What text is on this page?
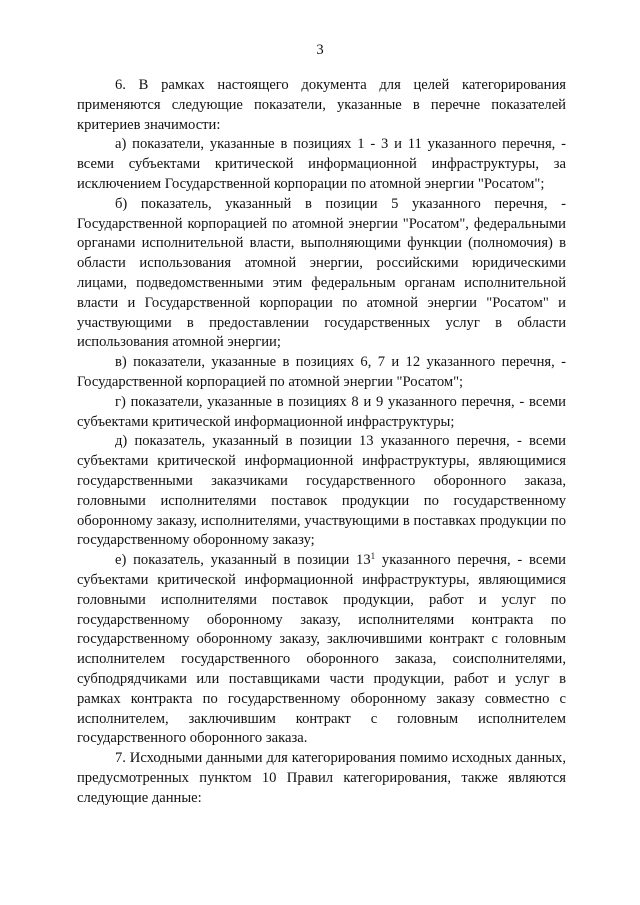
3

6. В рамках настоящего документа для целей категорирования применяются следующие показатели, указанные в перечне показателей критериев значимости:

а) показатели, указанные в позициях 1 - 3 и 11 указанного перечня, - всеми субъектами критической информационной инфраструктуры, за исключением Государственной корпорации по атомной энергии "Росатом";

б) показатель, указанный в позиции 5 указанного перечня, - Государственной корпорацией по атомной энергии "Росатом", федеральными органами исполнительной власти, выполняющими функции (полномочия) в области использования атомной энергии, российскими юридическими лицами, подведомственными этим федеральным органам исполнительной власти и Государственной корпорации по атомной энергии "Росатом" и участвующими в предоставлении государственных услуг в области использования атомной энергии;

в) показатели, указанные в позициях 6, 7 и 12 указанного перечня, - Государственной корпорацией по атомной энергии "Росатом";

г) показатели, указанные в позициях 8 и 9 указанного перечня, - всеми субъектами критической информационной инфраструктуры;

д) показатель, указанный в позиции 13 указанного перечня, - всеми субъектами критической информационной инфраструктуры, являющимися государственными заказчиками государственного оборонного заказа, головными исполнителями поставок продукции по государственному оборонному заказу, исполнителями, участвующими в поставках продукции по государственному оборонному заказу;

е) показатель, указанный в позиции $13^1$ указанного перечня, - всеми субъектами критической информационной инфраструктуры, являющимися головными исполнителями поставок продукции, работ и услуг по государственному оборонному заказу, исполнителями контракта по государственному оборонному заказу, заключившими контракт с головным исполнителем государственного оборонного заказа, соисполнителями, субподрядчиками или поставщиками части продукции, работ и услуг в рамках контракта по государственному оборонному заказу совместно с исполнителем, заключившим контракт с головным исполнителем государственного оборонного заказа.

7. Исходными данными для категорирования помимо исходных данных, предусмотренных пунктом 10 Правил категорирования, также являются следующие данные:
